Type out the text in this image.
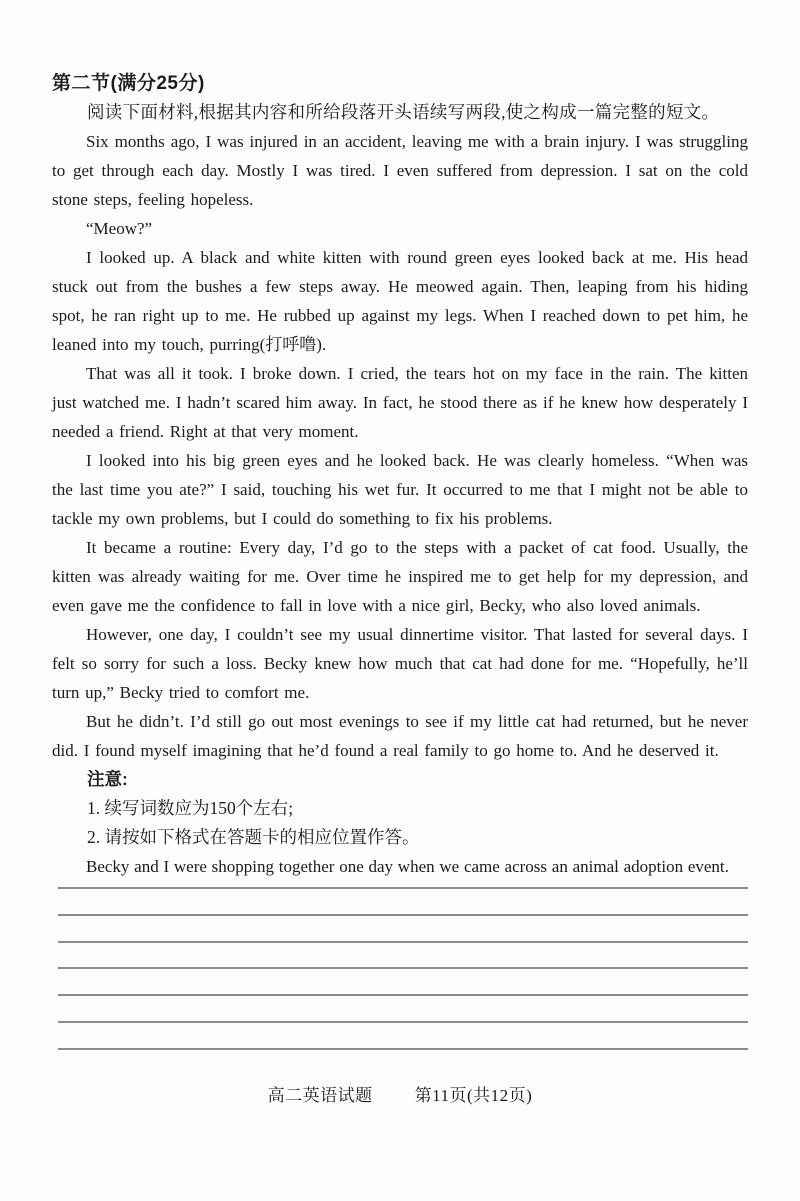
第二节(满分25分)
阅读下面材料,根据其内容和所给段落开头语续写两段,使之构成一篇完整的短文。

Six months ago, I was injured in an accident, leaving me with a brain injury. I was struggling to get through each day. Mostly I was tired. I even suffered from depression. I sat on the cold stone steps, feeling hopeless.

“Meow?”

I looked up. A black and white kitten with round green eyes looked back at me. His head stuck out from the bushes a few steps away. He meowed again. Then, leaping from his hiding spot, he ran right up to me. He rubbed up against my legs. When I reached down to pet him, he leaned into my touch, purring(打呼噜).

That was all it took. I broke down. I cried, the tears hot on my face in the rain. The kitten just watched me. I hadn’t scared him away. In fact, he stood there as if he knew how desperately I needed a friend. Right at that very moment.

I looked into his big green eyes and he looked back. He was clearly homeless. “When was the last time you ate?” I said, touching his wet fur. It occurred to me that I might not be able to tackle my own problems, but I could do something to fix his problems.

It became a routine: Every day, I’d go to the steps with a packet of cat food. Usually, the kitten was already waiting for me. Over time he inspired me to get help for my depression, and even gave me the confidence to fall in love with a nice girl, Becky, who also loved animals.

However, one day, I couldn’t see my usual dinnertime visitor. That lasted for several days. I felt so sorry for such a loss. Becky knew how much that cat had done for me. “Hopefully, he’ll turn up,” Becky tried to comfort me.

But he didn’t. I’d still go out most evenings to see if my little cat had returned, but he never did. I found myself imagining that he’d found a real family to go home to. And he deserved it.

注意:
1. 续写词数应为150个左右;
2. 请按如下格式在答题卡的相应位置作答。
Becky and I were shopping together one day when we came across an animal adoption event.
高二英语试题 第11页(共12页)
